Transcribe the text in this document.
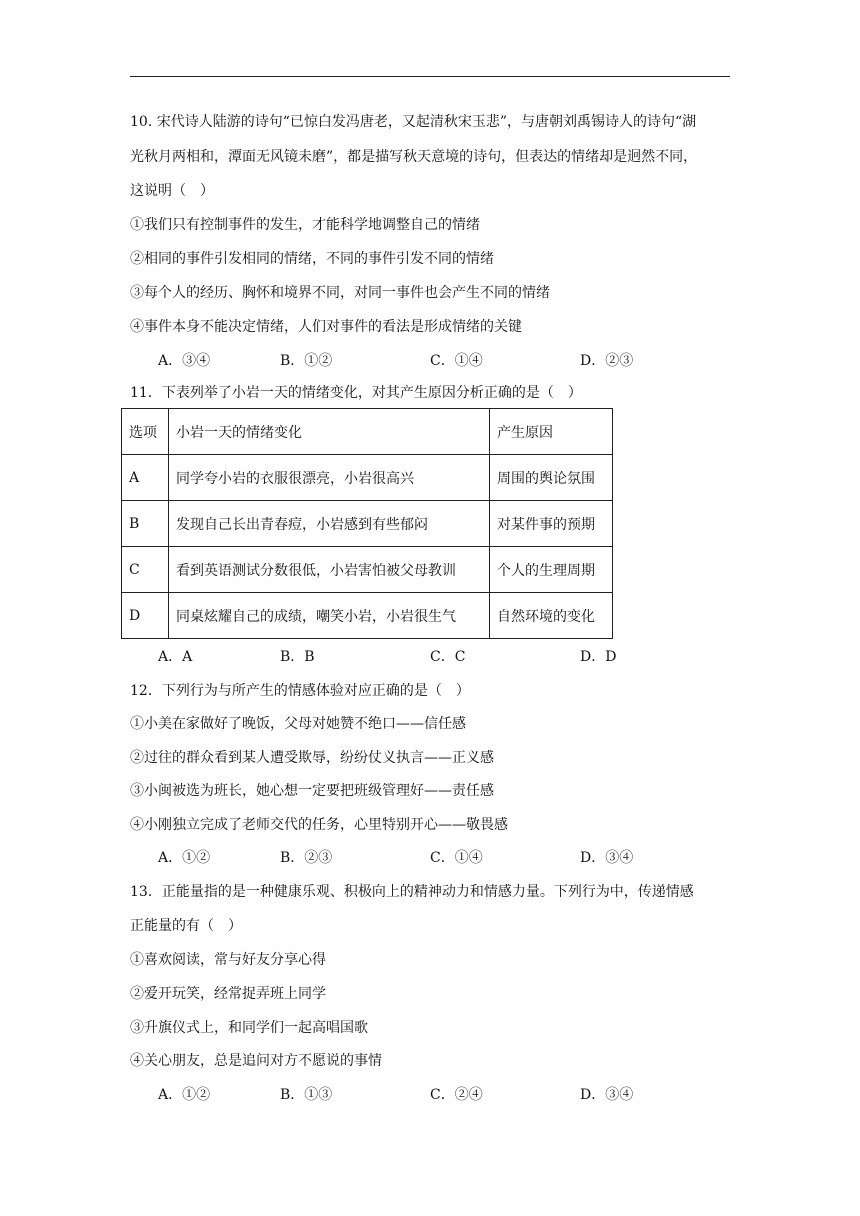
10. 宋代诗人陆游的诗句“已惊白发冯唐老，又起清秋宋玉悲”，与唐朝刘禹锡诗人的诗句“湖
光秋月两相和，潭面无风镜未磨”，都是描写秋天意境的诗句，但表达的情绪却是迥然不同，
这说明（　）
①我们只有控制事件的发生，才能科学地调整自己的情绪
②相同的事件引发相同的情绪，不同的事件引发不同的情绪
③每个人的经历、胸怀和境界不同，对同一事件也会产生不同的情绪
④事件本身不能决定情绪，人们对事件的看法是形成情绪的关键
A．③④	B．①②	C．①④	D．②③
11．下表列举了小岩一天的情绪变化，对其产生原因分析正确的是（　）
选项	小岩一天的情绪变化	产生原因
A	同学夸小岩的衣服很漂亮，小岩很高兴	周围的舆论氛围
B	发现自己长出青春痘，小岩感到有些郁闷	对某件事的预期
C	看到英语测试分数很低，小岩害怕被父母教训	个人的生理周期
D	同桌炫耀自己的成绩，嘲笑小岩，小岩很生气	自然环境的变化
A．A	B．B	C．C	D．D
12．下列行为与所产生的情感体验对应正确的是（　）
①小美在家做好了晚饭，父母对她赞不绝口——信任感
②过往的群众看到某人遭受欺辱，纷纷仗义执言——正义感
③小闽被选为班长，她心想一定要把班级管理好——责任感
④小刚独立完成了老师交代的任务，心里特别开心——敬畏感
A．①②	B．②③	C．①④	D．③④
13．正能量指的是一种健康乐观、积极向上的精神动力和情感力量。下列行为中，传递情感
正能量的有（　）
①喜欢阅读，常与好友分享心得
②爱开玩笑，经常捉弄班上同学
③升旗仪式上，和同学们一起高唱国歌
④关心朋友，总是追问对方不愿说的事情
A．①②	B．①③	C．②④	D．③④
